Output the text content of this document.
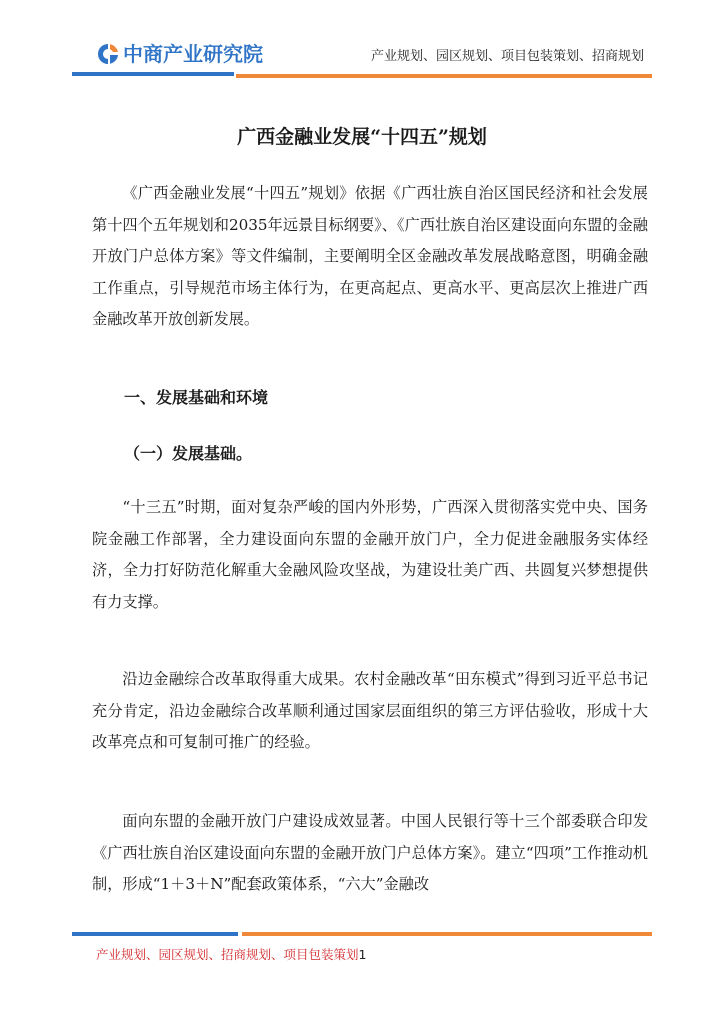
中商产业研究院	产业规划、园区规划、项目包装策划、招商规划
广西金融业发展“十四五”规划

《广西金融业发展“十四五”规划》依据《广西壮族自治区国民经济和社会发展第十四个五年规划和2035年远景目标纲要》、《广西壮族自治区建设面向东盟的金融开放门户总体方案》等文件编制，主要阐明全区金融改革发展战略意图，明确金融工作重点，引导规范市场主体行为，在更高起点、更高水平、更高层次上推进广西金融改革开放创新发展。

一、发展基础和环境
（一）发展基础。

“十三五”时期，面对复杂严峻的国内外形势，广西深入贯彻落实党中央、国务院金融工作部署，全力建设面向东盟的金融开放门户，全力促进金融服务实体经济，全力打好防范化解重大金融风险攻坚战，为建设壮美广西、共圆复兴梦想提供有力支撑。

沿边金融综合改革取得重大成果。农村金融改革“田东模式”得到习近平总书记充分肯定，沿边金融综合改革顺利通过国家层面组织的第三方评估验收，形成十大改革亮点和可复制可推广的经验。

面向东盟的金融开放门户建设成效显著。中国人民银行等十三个部委联合印发《广西壮族自治区建设面向东盟的金融开放门户总体方案》。建立“四项”工作推动机制，形成“1＋3＋N”配套政策体系，“六大”金融改

产业规划、园区规划、招商规划、项目包装策划1
